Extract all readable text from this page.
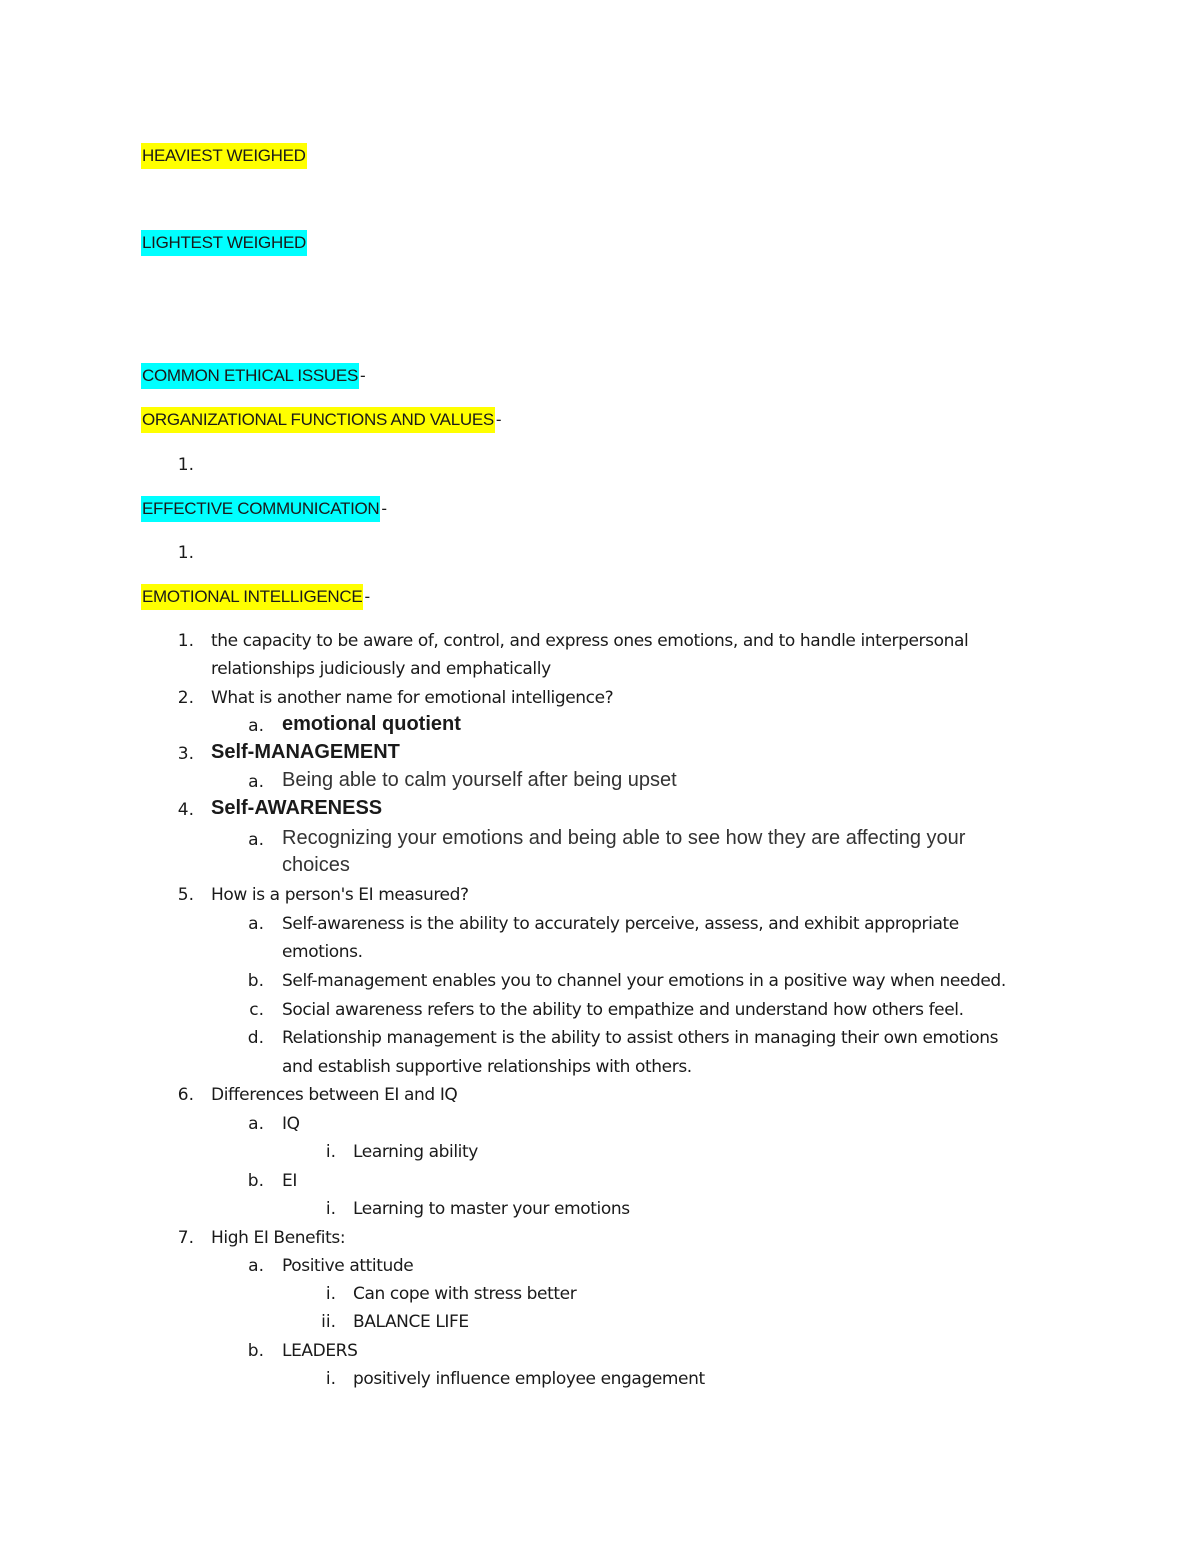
HEAVIEST WEIGHED
LIGHTEST WEIGHED
COMMON ETHICAL ISSUES -
ORGANIZATIONAL FUNCTIONS AND VALUES -
1.
EFFECTIVE COMMUNICATION -
1.
EMOTIONAL INTELLIGENCE -
1. the capacity to be aware of, control, and express ones emotions, and to handle interpersonal
relationships judiciously and emphatically
2. What is another name for emotional intelligence?
a. emotional quotient
3. Self-MANAGEMENT
a. Being able to calm yourself after being upset
4. Self-AWARENESS
a. Recognizing your emotions and being able to see how they are affecting your
choices
5. How is a person's EI measured?
a. Self-awareness is the ability to accurately perceive, assess, and exhibit appropriate
emotions.
b. Self-management enables you to channel your emotions in a positive way when needed.
c. Social awareness refers to the ability to empathize and understand how others feel.
d. Relationship management is the ability to assist others in managing their own emotions
and establish supportive relationships with others.
6. Differences between EI and IQ
a. IQ
i. Learning ability
b. EI
i. Learning to master your emotions
7. High EI Benefits:
a. Positive attitude
i. Can cope with stress better
ii. BALANCE LIFE
b. LEADERS
i. positively influence employee engagement
